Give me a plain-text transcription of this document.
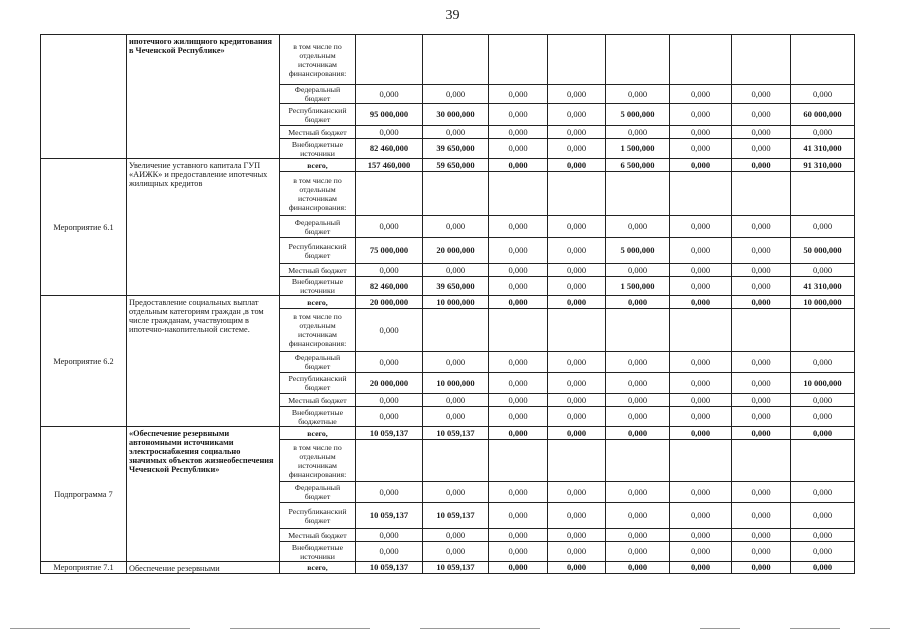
39
	ипотечного жилищного кредитования в Чеченской Республике»	в том числе по отдельным источникам финансирования:								
		Федеральный бюджет	0,000	0,000	0,000	0,000	0,000	0,000	0,000	0,000
		Республиканский бюджет	95 000,000	30 000,000	0,000	0,000	5 000,000	0,000	0,000	60 000,000
		Местный бюджет	0,000	0,000	0,000	0,000	0,000	0,000	0,000	0,000
		Внебюджетные источники	82 460,000	39 650,000	0,000	0,000	1 500,000	0,000	0,000	41 310,000
Мероприятие 6.1	Увеличение уставного капитала ГУП «АИЖК» и предоставление ипотечных жилищных кредитов	всего,	157 460,000	59 650,000	0,000	0,000	6 500,000	0,000	0,000	91 310,000
		в том числе по отдельным источникам финансирования:								
		Федеральный бюджет	0,000	0,000	0,000	0,000	0,000	0,000	0,000	0,000
		Республиканский бюджет	75 000,000	20 000,000	0,000	0,000	5 000,000	0,000	0,000	50 000,000
		Местный бюджет	0,000	0,000	0,000	0,000	0,000	0,000	0,000	0,000
		Внебюджетные источники	82 460,000	39 650,000	0,000	0,000	1 500,000	0,000	0,000	41 310,000
Мероприятие 6.2	Предоставление социальных выплат отдельным категориям граждан ,в том числе гражданам, участвующим в ипотечно-накопительной системе.	всего,	20 000,000	10 000,000	0,000	0,000	0,000	0,000	0,000	10 000,000
		в том числе по отдельным источникам финансирования:	0,000							
		Федеральный бюджет	0,000	0,000	0,000	0,000	0,000	0,000	0,000	0,000
		Республиканский бюджет	20 000,000	10 000,000	0,000	0,000	0,000	0,000	0,000	10 000,000
		Местный бюджет	0,000	0,000	0,000	0,000	0,000	0,000	0,000	0,000
		Внебюджетные бюджетные	0,000	0,000	0,000	0,000	0,000	0,000	0,000	0,000
Подпрограмма 7	«Обеспечение резервными автономными источниками электроснабжения социально значимых объектов жизнеобеспечения Чеченской Республики»	всего,	10 059,137	10 059,137	0,000	0,000	0,000	0,000	0,000	0,000
		в том числе по отдельным источникам финансирования:								
		Федеральный бюджет	0,000	0,000	0,000	0,000	0,000	0,000	0,000	0,000
		Республиканский бюджет	10 059,137	10 059,137	0,000	0,000	0,000	0,000	0,000	0,000
		Местный бюджет	0,000	0,000	0,000	0,000	0,000	0,000	0,000	0,000
		Внебюджетные источники	0,000	0,000	0,000	0,000	0,000	0,000	0,000	0,000
Мероприятие 7.1	Обеспечение резервными	всего,	10 059,137	10 059,137	0,000	0,000	0,000	0,000	0,000	0,000
